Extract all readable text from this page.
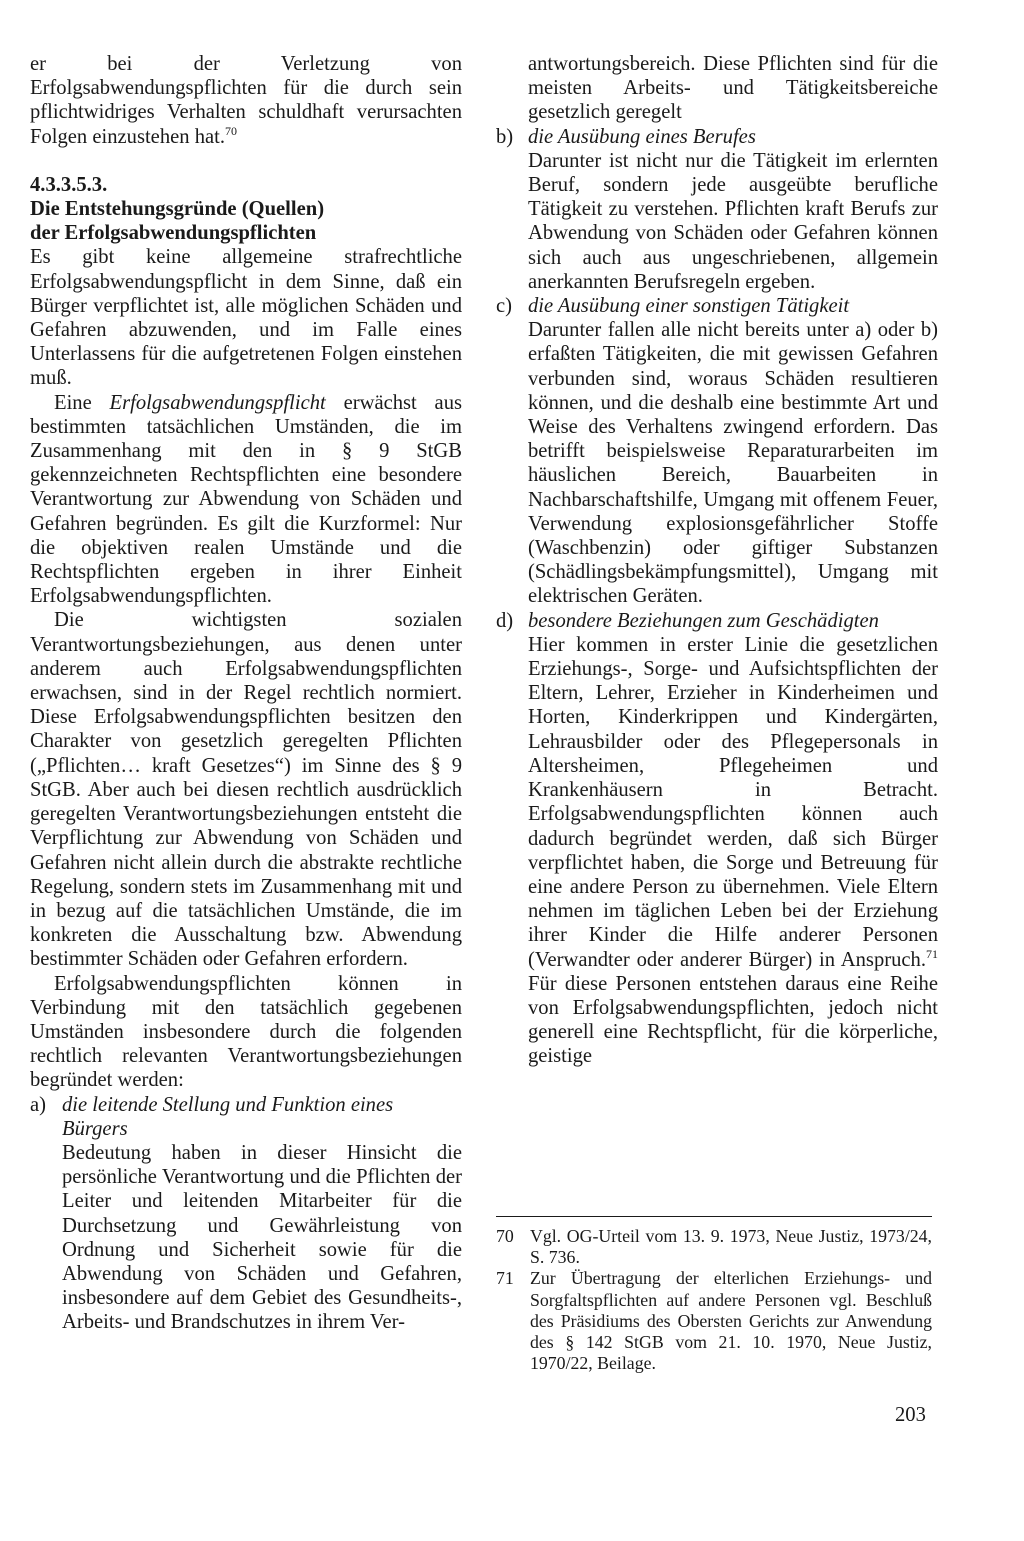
er bei der Verletzung von Erfolgsabwendungspflichten für die durch sein pflichtwidriges Verhalten schuldhaft verursachten Folgen einzustehen hat.$^{70}$

4.3.3.5.3.

Die Entstehungsgründe (Quellen)

der Erfolgsabwendungspflichten

Es gibt keine allgemeine strafrechtliche Erfolgsabwendungspflicht in dem Sinne, daß ein Bürger verpflichtet ist, alle möglichen Schäden und Gefahren abzuwenden, und im Falle eines Unterlassens für die aufgetretenen Folgen einstehen muß.

Eine Erfolgsabwendungspflicht erwächst aus bestimmten tatsächlichen Umständen, die im Zusammenhang mit den in § 9 StGB gekennzeichneten Rechtspflichten eine besondere Verantwortung zur Abwendung von Schäden und Gefahren begründen. Es gilt die Kurzformel: Nur die objektiven realen Umstände und die Rechtspflichten ergeben in ihrer Einheit Erfolgsabwendungspflichten.

Die wichtigsten sozialen Verantwortungsbeziehungen, aus denen unter anderem auch Erfolgsabwendungspflichten erwachsen, sind in der Regel rechtlich normiert. Diese Erfolgsabwendungspflichten besitzen den Charakter von gesetzlich geregelten Pflichten („Pflichten… kraft Gesetzes“) im Sinne des § 9 StGB. Aber auch bei diesen rechtlich ausdrücklich geregelten Verantwortungsbeziehungen entsteht die Verpflichtung zur Abwendung von Schäden und Gefahren nicht allein durch die abstrakte rechtliche Regelung, sondern stets im Zusammenhang mit und in bezug auf die tatsächlichen Umstände, die im konkreten die Ausschaltung bzw. Abwendung bestimmter Schäden oder Gefahren erfordern.

Erfolgsabwendungspflichten können in Verbindung mit den tatsächlich gegebenen Umständen insbesondere durch die folgenden rechtlich relevanten Verantwortungsbeziehungen begründet werden:

a) die leitende Stellung und Funktion eines Bürgers

Bedeutung haben in dieser Hinsicht die persönliche Verantwortung und die Pflichten der Leiter und leitenden Mitarbeiter für die Durchsetzung und Gewährleistung von Ordnung und Sicherheit sowie für die Abwendung von Schäden und Gefahren, insbesondere auf dem Gebiet des Gesundheits-, Arbeits- und Brandschutzes in ihrem Ver-

antwortungsbereich. Diese Pflichten sind für die meisten Arbeits- und Tätigkeitsbereiche gesetzlich geregelt

b) die Ausübung eines Berufes

Darunter ist nicht nur die Tätigkeit im erlernten Beruf, sondern jede ausgeübte berufliche Tätigkeit zu verstehen. Pflichten kraft Berufs zur Abwendung von Schäden oder Gefahren können sich auch aus ungeschriebenen, allgemein anerkannten Berufsregeln ergeben.

c) die Ausübung einer sonstigen Tätigkeit

Darunter fallen alle nicht bereits unter a) oder b) erfaßten Tätigkeiten, die mit gewissen Gefahren verbunden sind, woraus Schäden resultieren können, und die deshalb eine bestimmte Art und Weise des Verhaltens zwingend erfordern. Das betrifft beispielsweise Reparaturarbeiten im häuslichen Bereich, Bauarbeiten in Nachbarschaftshilfe, Umgang mit offenem Feuer, Verwendung explosionsgefährlicher Stoffe (Waschbenzin) oder giftiger Substanzen (Schädlingsbekämpfungsmittel), Umgang mit elektrischen Geräten.

d) besondere Beziehungen zum Geschädigten

Hier kommen in erster Linie die gesetzlichen Erziehungs-, Sorge- und Aufsichtspflichten der Eltern, Lehrer, Erzieher in Kinderheimen und Horten, Kinderkrippen und Kindergärten, Lehrausbilder oder des Pflegepersonals in Altersheimen, Pflegeheimen und Krankenhäusern in Betracht. Erfolgsabwendungspflichten können auch dadurch begründet werden, daß sich Bürger verpflichtet haben, die Sorge und Betreuung für eine andere Person zu übernehmen. Viele Eltern nehmen im täglichen Leben bei der Erziehung ihrer Kinder die Hilfe anderer Personen (Verwandter oder anderer Bürger) in Anspruch.$^{71}$ Für diese Personen entstehen daraus eine Reihe von Erfolgsabwendungspflichten, jedoch nicht generell eine Rechtspflicht, für die körperliche, geistige

70 Vgl. OG-Urteil vom 13. 9. 1973, Neue Justiz, 1973/24, S. 736.
71 Zur Übertragung der elterlichen Erziehungs- und Sorgfaltspflichten auf andere Personen vgl. Beschluß des Präsidiums des Obersten Gerichts zur Anwendung des § 142 StGB vom 21. 10. 1970, Neue Justiz, 1970/22, Beilage.
203
